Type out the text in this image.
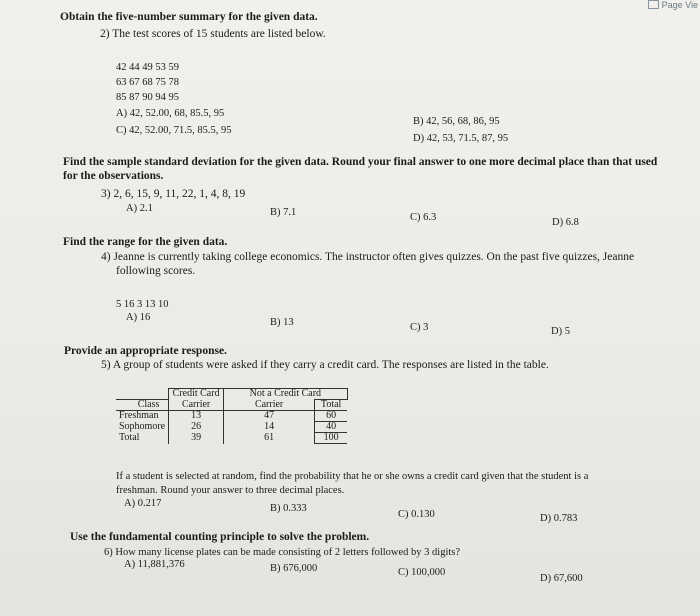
Page Vie
Obtain the five-number summary for the given data.
2) The test scores of 15 students are listed below.
42 44 49 53 59
63 67 68 75 78
85 87 90 94 95
A) 42, 52.00, 68, 85.5, 95
C) 42, 52.00, 71.5, 85.5, 95
B) 42, 56, 68, 86, 95
D) 42, 53, 71.5, 87, 95
Find the sample standard deviation for the given data. Round your final answer to one more decimal place than that used
for the observations.
3) 2, 6, 15, 9, 11, 22, 1, 4, 8, 19
A) 2.1	B) 7.1	C) 6.3	D) 6.8
Find the range for the given data.
4) Jeanne is currently taking college economics. The instructor often gives quizzes. On the past five quizzes, Jeanne
following scores.
5 16 3 13 10
A) 16	B) 13	C) 3	D) 5
Provide an appropriate response.
5) A group of students were asked if they carry a credit card. The responses are listed in the table.
	Credit Card	Not a Credit Card	
Class	Carrier	Carrier	Total
Freshman	13	47	60
Sophomore	26	14	40
Total	39	61	100
If a student is selected at random, find the probability that he or she owns a credit card given that the student is a
freshman. Round your answer to three decimal places.
A) 0.217	B) 0.333
C) 0.130	D) 0.783
Use the fundamental counting principle to solve the problem.
6) How many license plates can be made consisting of 2 letters followed by 3 digits?
A) 11,881,376	B) 676,000	C) 100,000
D) 67,600
